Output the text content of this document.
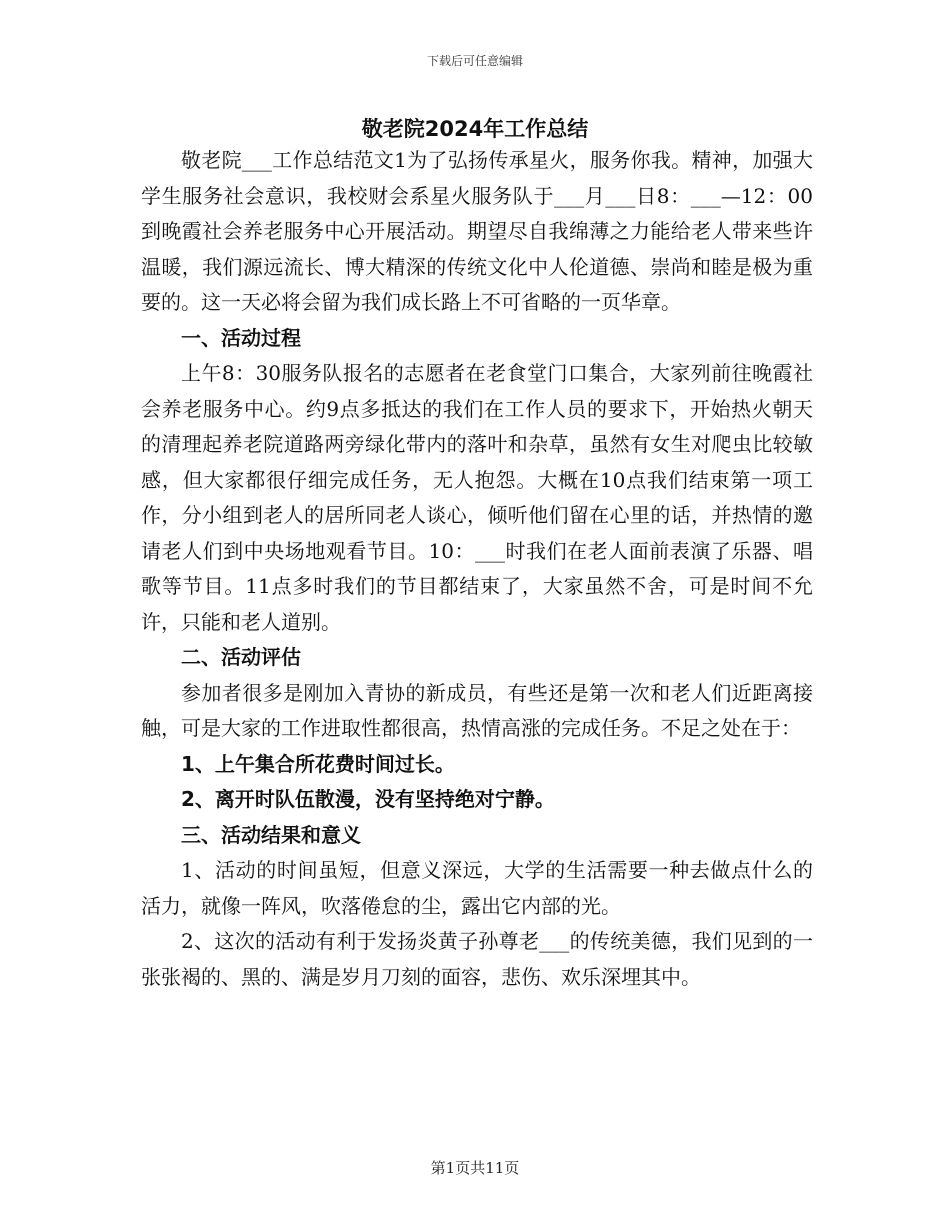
下载后可任意编辑
敬老院2024年工作总结

敬老院___工作总结范文1为了弘扬传承星火，服务你我。精神，加强大学生服务社会意识，我校财会系星火服务队于___月___日8：___—12：00到晚霞社会养老服务中心开展活动。期望尽自我绵薄之力能给老人带来些许温暖，我们源远流长、博大精深的传统文化中人伦道德、崇尚和睦是极为重要的。这一天必将会留为我们成长路上不可省略的一页华章。

一、活动过程

上午8：30服务队报名的志愿者在老食堂门口集合，大家列前往晚霞社会养老服务中心。约9点多抵达的我们在工作人员的要求下，开始热火朝天的清理起养老院道路两旁绿化带内的落叶和杂草，虽然有女生对爬虫比较敏感，但大家都很仔细完成任务，无人抱怨。大概在10点我们结束第一项工作，分小组到老人的居所同老人谈心，倾听他们留在心里的话，并热情的邀请老人们到中央场地观看节目。10：___时我们在老人面前表演了乐器、唱歌等节目。11点多时我们的节目都结束了，大家虽然不舍，可是时间不允许，只能和老人道别。

二、活动评估

参加者很多是刚加入青协的新成员，有些还是第一次和老人们近距离接触，可是大家的工作进取性都很高，热情高涨的完成任务。不足之处在于：

1、上午集合所花费时间过长。

2、离开时队伍散漫，没有坚持绝对宁静。

三、活动结果和意义

1、活动的时间虽短，但意义深远，大学的生活需要一种去做点什么的活力，就像一阵风，吹落倦怠的尘，露出它内部的光。

2、这次的活动有利于发扬炎黄子孙尊老___的传统美德，我们见到的一张张褐的、黑的、满是岁月刀刻的面容，悲伤、欢乐深埋其中。

第1页共11页
